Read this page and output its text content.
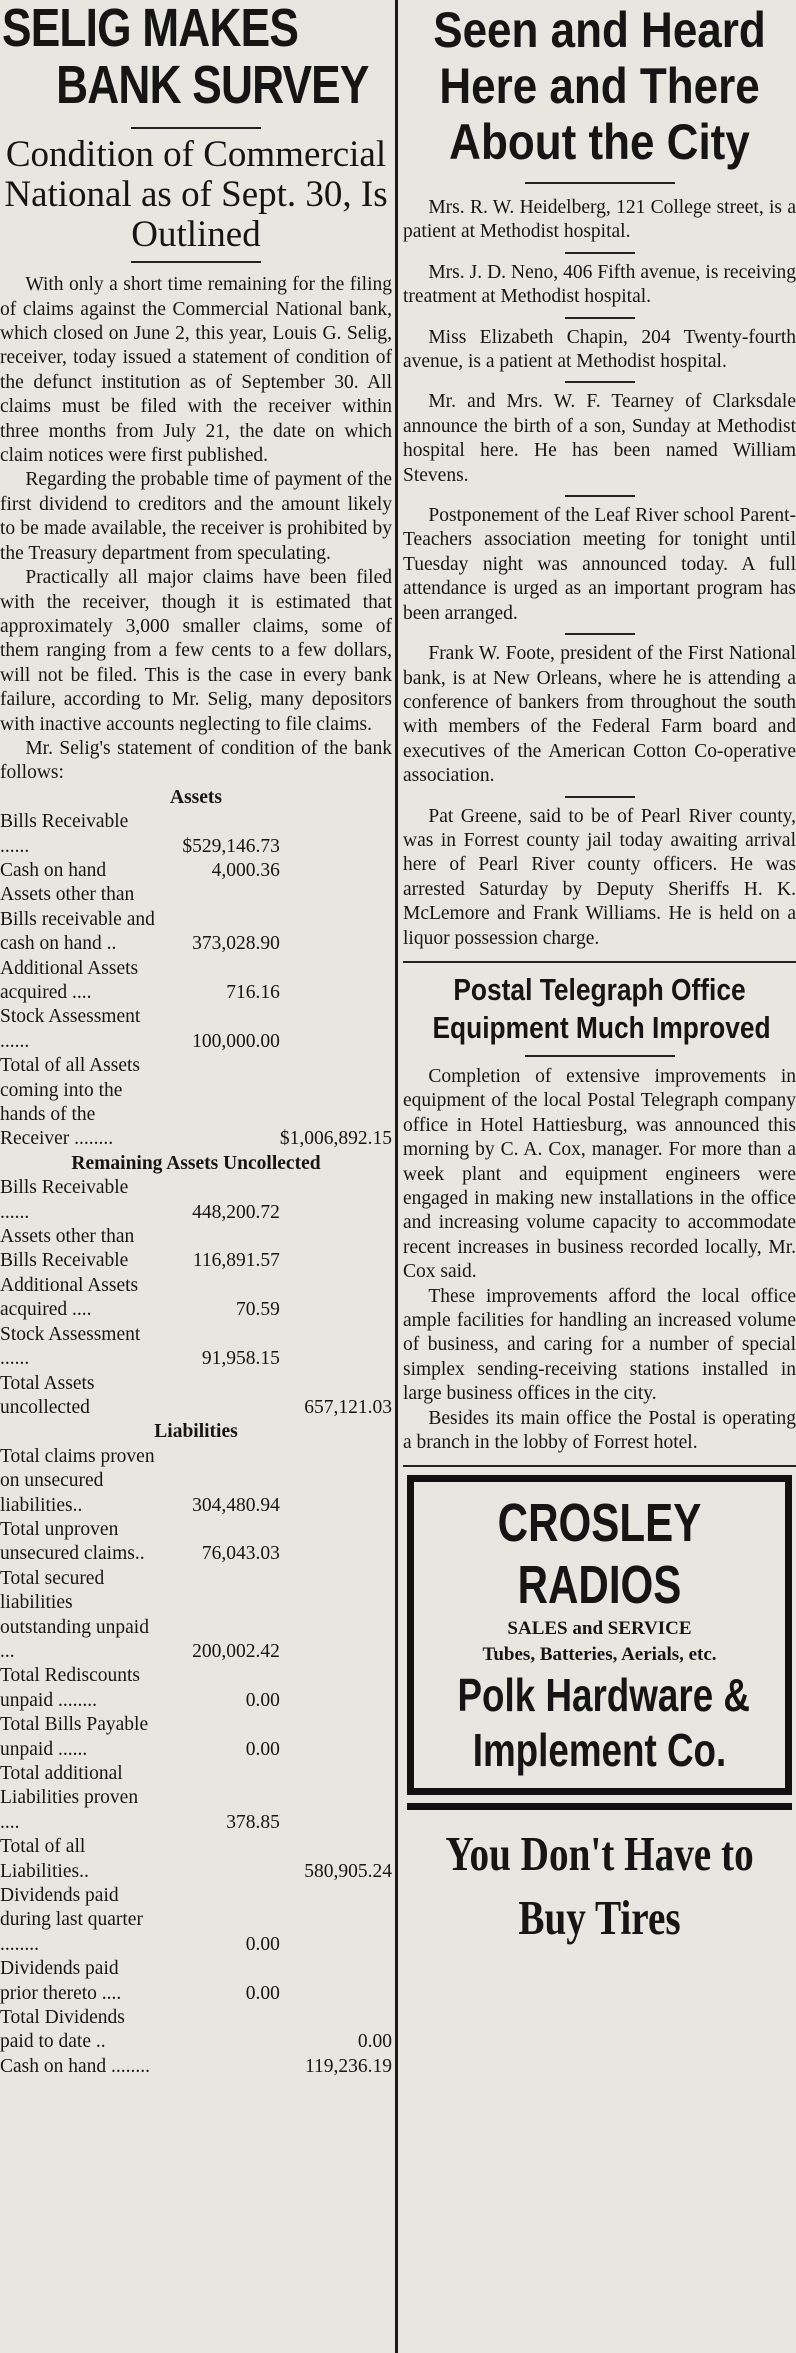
SELIG MAKES
BANK SURVEY
Condition of Commercial National as of Sept. 30, Is Outlined

With only a short time remaining for the filing of claims against the Commercial National bank, which closed on June 2, this year, Louis G. Selig, receiver, today issued a statement of condition of the defunct institution as of September 30. All claims must be filed with the receiver within three months from July 21, the date on which claim notices were first published.

Regarding the probable time of payment of the first dividend to creditors and the amount likely to be made available, the receiver is prohibited by the Treasury department from speculating.

Practically all major claims have been filed with the receiver, though it is estimated that approximately 3,000 smaller claims, some of them ranging from a few cents to a few dollars, will not be filed. This is the case in every bank failure, according to Mr. Selig, many depositors with inactive accounts neglecting to file claims.

Mr. Selig's statement of condition of the bank follows:

Assets		
Bills Receivable ......	$529,146.73	
Cash on hand	4,000.36	
Assets other than Bills receivable and cash on hand ..	373,028.90	
Additional Assets acquired ....	716.16	
Stock Assessment ......	100,000.00	
Total of all Assets coming into the hands of the Receiver ........		$1,006,892.15
Remaining Assets Uncollected		
Bills Receivable ......	448,200.72	
Assets other than Bills Receivable	116,891.57	
Additional Assets acquired ....	70.59	
Stock Assessment ......	91,958.15	
Total Assets uncollected		657,121.03
Liabilities		
Total claims proven on unsecured liabilities..	304,480.94	
Total unproven unsecured claims..	76,043.03	
Total secured liabilities outstanding unpaid ...	200,002.42	
Total Rediscounts unpaid ........	0.00	
Total Bills Payable unpaid ......	0.00	
Total additional Liabilities proven ....	378.85	
Total of all Liabilities..		580,905.24
Dividends paid during last quarter ........	0.00	
Dividends paid prior thereto ....	0.00	
Total Dividends paid to date ..		0.00
Cash on hand ........		119,236.19
Seen and Heard
Here and There
About the City

Mrs. R. W. Heidelberg, 121 College street, is a patient at Methodist hospital.

Mrs. J. D. Neno, 406 Fifth avenue, is receiving treatment at Methodist hospital.

Miss Elizabeth Chapin, 204 Twenty-fourth avenue, is a patient at Methodist hospital.

Mr. and Mrs. W. F. Tearney of Clarksdale announce the birth of a son, Sunday at Methodist hospital here. He has been named William Stevens.

Postponement of the Leaf River school Parent-Teachers association meeting for tonight until Tuesday night was announced today. A full attendance is urged as an important program has been arranged.

Frank W. Foote, president of the First National bank, is at New Orleans, where he is attending a conference of bankers from throughout the south with members of the Federal Farm board and executives of the American Cotton Co-operative association.

Pat Greene, said to be of Pearl River county, was in Forrest county jail today awaiting arrival here of Pearl River county officers. He was arrested Saturday by Deputy Sheriffs H. K. McLemore and Frank Williams. He is held on a liquor possession charge.

Postal Telegraph Office
Equipment Much Improved

Completion of extensive improvements in equipment of the local Postal Telegraph company office in Hotel Hattiesburg, was announced this morning by C. A. Cox, manager. For more than a week plant and equipment engineers were engaged in making new installations in the office and increasing volume capacity to accommodate recent increases in business recorded locally, Mr. Cox said.

These improvements afford the local office ample facilities for handling an increased volume of business, and caring for a number of special simplex sending-receiving stations installed in large business offices in the city.

Besides its main office the Postal is operating a branch in the lobby of Forrest hotel.

CROSLEY
RADIOS
SALES and SERVICE
Tubes, Batteries, Aerials, etc.
Polk Hardware &
Implement Co.
You Don't Have to
Buy Tires
